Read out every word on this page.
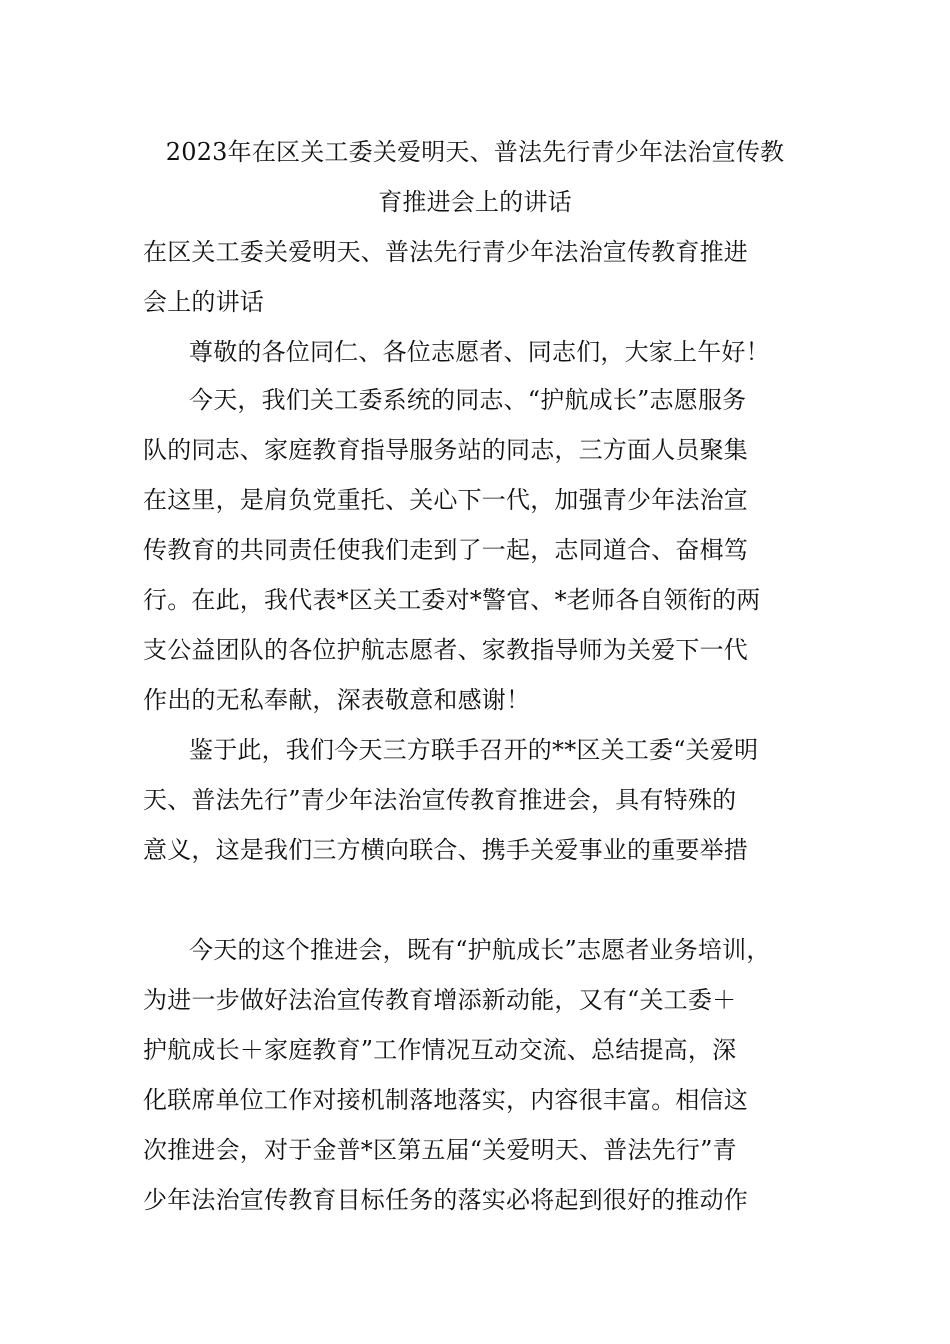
2023年在区关工委关爱明天、普法先行青少年法治宣传教
育推进会上的讲话
在区关工委关爱明天、普法先行青少年法治宣传教育推进
会上的讲话
尊敬的各位同仁、各位志愿者、同志们，大家上午好！
今天，我们关工委系统的同志、“护航成长”志愿服务
队的同志、家庭教育指导服务站的同志，三方面人员聚集
在这里，是肩负党重托、关心下一代，加强青少年法治宣
传教育的共同责任使我们走到了一起，志同道合、奋楫笃
行。在此，我代表*区关工委对*警官、*老师各自领衔的两
支公益团队的各位护航志愿者、家教指导师为关爱下一代
作出的无私奉献，深表敬意和感谢！
鉴于此，我们今天三方联手召开的**区关工委“关爱明
天、普法先行”青少年法治宣传教育推进会，具有特殊的
意义，这是我们三方横向联合、携手关爱事业的重要举措
今天的这个推进会，既有“护航成长”志愿者业务培训，
为进一步做好法治宣传教育增添新动能，又有“关工委＋
护航成长＋家庭教育”工作情况互动交流、总结提高，深
化联席单位工作对接机制落地落实，内容很丰富。相信这
次推进会，对于金普*区第五届“关爱明天、普法先行”青
少年法治宣传教育目标任务的落实必将起到很好的推动作
